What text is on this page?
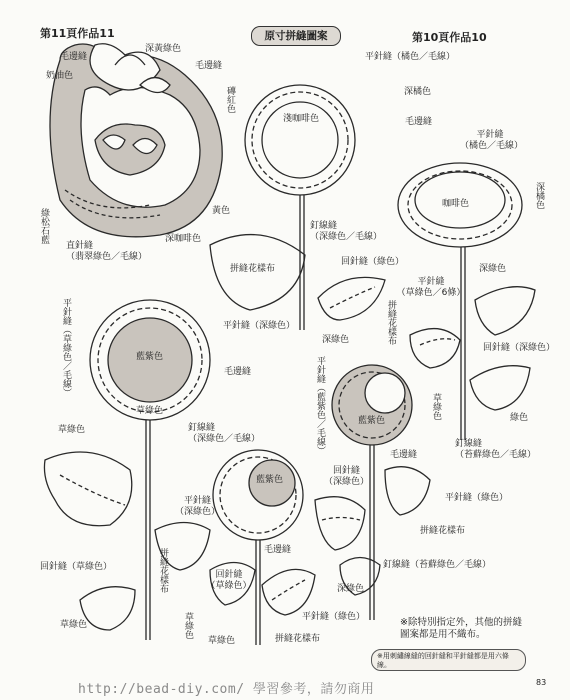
第11頁作品11	第10頁作品10
原寸拼縫圖案
毛邊縫
深黃綠色
奶油色
毛邊縫
磚紅色
黃色
綠松石藍	深咖啡色
直針縫
（翡翠綠色／毛線）
平針縫（橘色／毛線）
深橘色
淺咖啡色	毛邊縫
平針縫
（橘色／毛線）
深橘色
咖啡色
釘線縫
（深綠色／毛線）
拼縫花樣布
回針縫（綠色）
深綠色
平針縫
（草綠色／6條）
平針縫（深綠色）	拼縫花樣布
深綠色
回針縫（深綠色）
平針縫（草綠色／毛線）	藍紫色
毛邊縫
草綠色	平針縫（藍紫色／毛線）	藍紫色
草綠色	綠色
草綠色	釘線縫
（深綠色／毛線）	釘線縫
（苔蘚綠色／毛線）
毛邊縫
藍紫色
回針縫
（深綠色）
平針縫（綠色）
平針縫
（深綠色）
拼縫花樣布
回針縫（草綠色）	拼縫花樣布	毛邊縫
釘線縫（苔蘚綠色／毛線）
回針縫
（草綠色）	深綠色
草綠色	草綠色	平針縫（綠色）
拼縫花樣布
草綠色
※除特別指定外，其他的拼縫圖案都是用不織布。
※用刺繡線縫的回針縫和平針縫都是用六條線。
http://bead-diy.com/ 學習參考，請勿商用	83
